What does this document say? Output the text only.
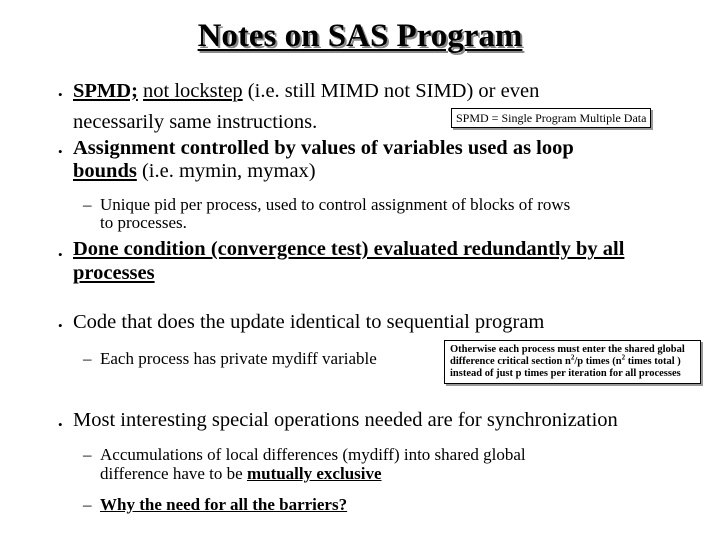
Notes on SAS Program
• SPMD; not lockstep (i.e. still MIMD not SIMD) or even
necessarily same instructions.	SPMD = Single Program Multiple Data
• Assignment controlled by values of variables used as loop
bounds (i.e. mymin, mymax)
– Unique pid per process, used to control assignment of blocks of rows
to processes.
• Done condition (convergence test) evaluated redundantly by all
processes
• Code that does the update identical to sequential program
– Each process has private mydiff variable	Otherwise each process must enter the shared global difference critical section $n^2/p$ times ($n^2$ times total ) instead of just p times per iteration for all processes
• Most interesting special operations needed are for synchronization
– Accumulations of local differences (mydiff) into shared global
difference have to be mutually exclusive
– Why the need for all the barriers?
